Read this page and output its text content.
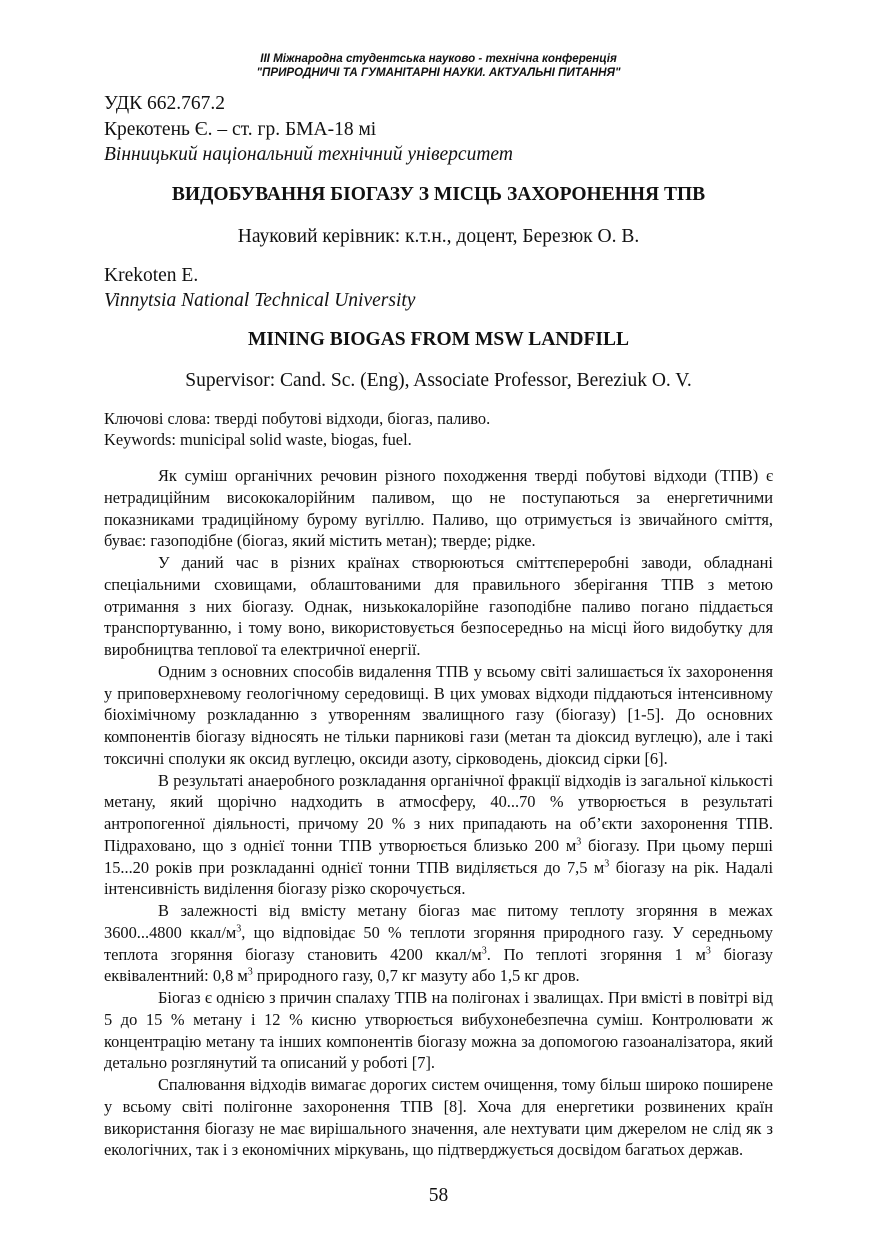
III Міжнародна студентська науково - технічна конференція
"ПРИРОДНИЧІ ТА ГУМАНІТАРНІ НАУКИ. АКТУАЛЬНІ ПИТАННЯ"
УДК 662.767.2
Крекотень Є. – ст. гр. БМА-18 мі
Вінницький національний технічний університет
ВИДОБУВАННЯ БІОГАЗУ З МІСЦЬ ЗАХОРОНЕННЯ ТПВ
Науковий керівник: к.т.н., доцент, Березюк О. В.
Krekoten E.
Vinnytsia National Technical University
MINING BIOGAS FROM MSW LANDFILL
Supervisor: Cand. Sc. (Eng), Associate Professor, Bereziuk O. V.
Ключові слова: тверді побутові відходи, біогаз, паливо.
Keywords: municipal solid waste, biogas, fuel.

Як суміш органічних речовин різного походження тверді побутові відходи (ТПВ) є нетрадиційним висококалорійним паливом, що не поступаються за енергетичними показниками традиційному бурому вугіллю. Паливо, що отримується із звичайного сміття, буває: газоподібне (біогаз, який містить метан); тверде; рідке.

У даний час в різних країнах створюються сміттєпереробні заводи, обладнані спеціальними сховищами, облаштованими для правильного зберігання ТПВ з метою отримання з них біогазу. Однак, низькокалорійне газоподібне паливо погано піддається транспортуванню, і тому воно, використовується безпосередньо на місці його видобутку для виробництва теплової та електричної енергії.

Одним з основних способів видалення ТПВ у всьому світі залишається їх захоронення у приповерхневому геологічному середовищі. В цих умовах відходи піддаються інтенсивному біохімічному розкладанню з утворенням звалищного газу (біогазу) [1-5]. До основних компонентів біогазу відносять не тільки парникові гази (метан та діоксид вуглецю), але і такі токсичні сполуки як оксид вуглецю, оксиди азоту, сірководень, діоксид сірки [6].

В результаті анаеробного розкладання органічної фракції відходів із загальної кількості метану, який щорічно надходить в атмосферу, 40...70 % утворюється в результаті антропогенної діяльності, причому 20 % з них припадають на об’єкти захоронення ТПВ. Підраховано, що з однієї тонни ТПВ утворюється близько 200 $м^3$ біогазу. При цьому перші 15...20 років при розкладанні однієї тонни ТПВ виділяється до 7,5 $м^3$ біогазу на рік. Надалі інтенсивність виділення біогазу різко скорочується.

В залежності від вмісту метану біогаз має питому теплоту згоряння в межах 3600...4800 ккал/$м^3$, що відповідає 50 % теплоти згоряння природного газу. У середньому теплота згоряння біогазу становить 4200 ккал/$м^3$. По теплоті згоряння 1 $м^3$ біогазу еквівалентний: 0,8 $м^3$ природного газу, 0,7 кг мазуту або 1,5 кг дров.

Біогаз є однією з причин спалаху ТПВ на полігонах і звалищах. При вмісті в повітрі від 5 до 15 % метану і 12 % кисню утворюється вибухонебезпечна суміш. Контролювати ж концентрацію метану та інших компонентів біогазу можна за допомогою газоаналізатора, який детально розглянутий та описаний у роботі [7].

Спалювання відходів вимагає дорогих систем очищення, тому більш широко поширене у всьому світі полігонне захоронення ТПВ [8]. Хоча для енергетики розвинених країн використання біогазу не має вирішального значення, але нехтувати цим джерелом не слід як з екологічних, так і з економічних міркувань, що підтверджується досвідом багатьох держав.

58
